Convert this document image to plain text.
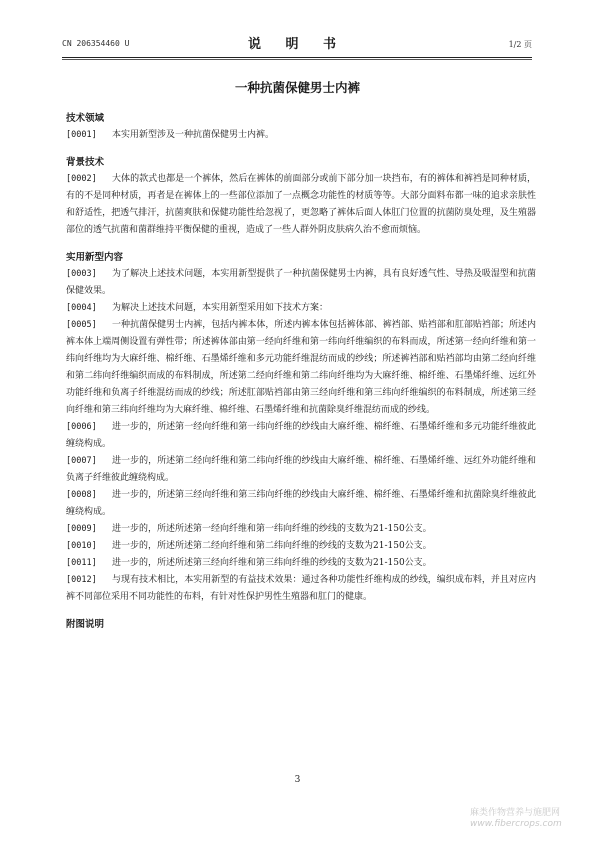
CN 206354460 U	说 明 书	1/2 页
一种抗菌保健男士内裤
技术领域
[0001] 本实用新型涉及一种抗菌保健男士内裤。
背景技术
[0002] 大体的款式也都是一个裤体，然后在裤体的前面部分或前下部分加一块挡布，有的裤体和裤裆是同种材质，有的不是同种材质，再者是在裤体上的一些部位添加了一点概念功能性的材质等等。大部分面料布都一味的追求亲肤性和舒适性，把透气排汗，抗菌爽肤和保健功能性给忽视了，更忽略了裤体后面人体肛门位置的抗菌防臭处理，及生殖器部位的透气抗菌和菌群维持平衡保健的重视，造成了一些人群外阴皮肤病久治不愈而烦恼。
实用新型内容
[0003] 为了解决上述技术问题，本实用新型提供了一种抗菌保健男士内裤，具有良好透气性、导热及吸湿型和抗菌保健效果。
[0004] 为解决上述技术问题，本实用新型采用如下技术方案：
[0005] 一种抗菌保健男士内裤，包括内裤本体，所述内裤本体包括裤体部、裤裆部、贴裆部和肛部贴裆部；所述内裤本体上端周侧设置有弹性带；所述裤体部由第一经向纤维和第一纬向纤维编织的布料而成，所述第一经向纤维和第一纬向纤维均为大麻纤维、棉纤维、石墨烯纤维和多元功能纤维混纺而成的纱线；所述裤裆部和贴裆部均由第二经向纤维和第二纬向纤维编织而成的布料制成，所述第二经向纤维和第二纬向纤维均为大麻纤维、棉纤维、石墨烯纤维、远红外功能纤维和负离子纤维混纺而成的纱线；所述肛部贴裆部由第三经向纤维和第三纬向纤维编织的布料制成，所述第三经向纤维和第三纬向纤维均为大麻纤维、棉纤维、石墨烯纤维和抗菌除臭纤维混纺而成的纱线。
[0006] 进一步的，所述第一经向纤维和第一纬向纤维的纱线由大麻纤维、棉纤维、石墨烯纤维和多元功能纤维彼此缠绕构成。
[0007] 进一步的，所述第二经向纤维和第二纬向纤维的纱线由大麻纤维、棉纤维、石墨烯纤维、远红外功能纤维和负离子纤维彼此缠绕构成。
[0008] 进一步的，所述第三经向纤维和第三纬向纤维的纱线由大麻纤维、棉纤维、石墨烯纤维和抗菌除臭纤维彼此缠绕构成。
[0009] 进一步的，所述所述第一经向纤维和第一纬向纤维的纱线的支数为21-150公支。
[0010] 进一步的，所述所述第二经向纤维和第二纬向纤维的纱线的支数为21-150公支。
[0011] 进一步的，所述所述第三经向纤维和第三纬向纤维的纱线的支数为21-150公支。
[0012] 与现有技术相比，本实用新型的有益技术效果：通过各种功能性纤维构成的纱线，编织成布料，并且对应内裤不同部位采用不同功能性的布料，有针对性保护男性生殖器和肛门的健康。
附图说明
3
麻类作物营养与施肥网
www.fibercrops.com
